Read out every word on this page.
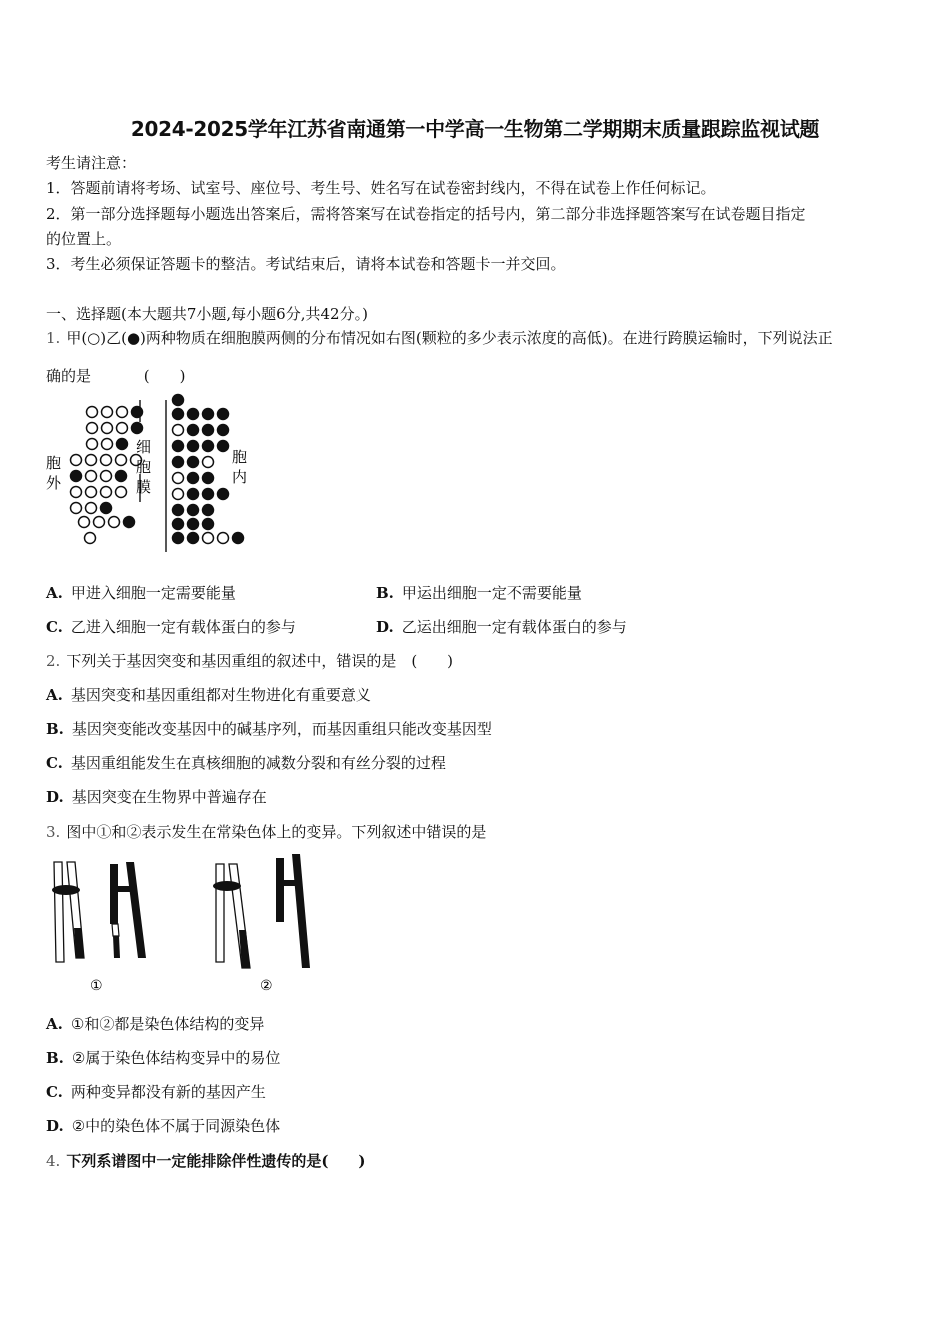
2024-2025学年江苏省南通第一中学高一生物第二学期期末质量跟踪监视试题
考生请注意：
1．答题前请将考场、试室号、座位号、考生号、姓名写在试卷密封线内，不得在试卷上作任何标记。
2．第一部分选择题每小题选出答案后，需将答案写在试卷指定的括号内，第二部分非选择题答案写在试卷题目指定
的位置上。
3．考生必须保证答题卡的整洁。考试结束后，请将本试卷和答题卡一并交回。
一、选择题(本大题共7小题,每小题6分,共42分。)
1. 甲(○)乙(●)两种物质在细胞膜两侧的分布情况如右图(颗粒的多少表示浓度的高低)。在进行跨膜运输时，下列说法正
确的是	(　　)
胞
外
细
胞
膜
胞
内
A. 甲进入细胞一定需要能量	B. 甲运出细胞一定不需要能量
C. 乙进入细胞一定有载体蛋白的参与	D. 乙运出细胞一定有载体蛋白的参与
2. 下列关于基因突变和基因重组的叙述中，错误的是　(　　)
A. 基因突变和基因重组都对生物进化有重要意义
B. 基因突变能改变基因中的碱基序列，而基因重组只能改变基因型
C. 基因重组能发生在真核细胞的减数分裂和有丝分裂的过程
D. 基因突变在生物界中普遍存在
3. 图中①和②表示发生在常染色体上的变异。下列叙述中错误的是
①	②
A. ①和②都是染色体结构的变异
B. ②属于染色体结构变异中的易位
C. 两种变异都没有新的基因产生
D. ②中的染色体不属于同源染色体
4. 下列系谱图中一定能排除伴性遗传的是(　　)
